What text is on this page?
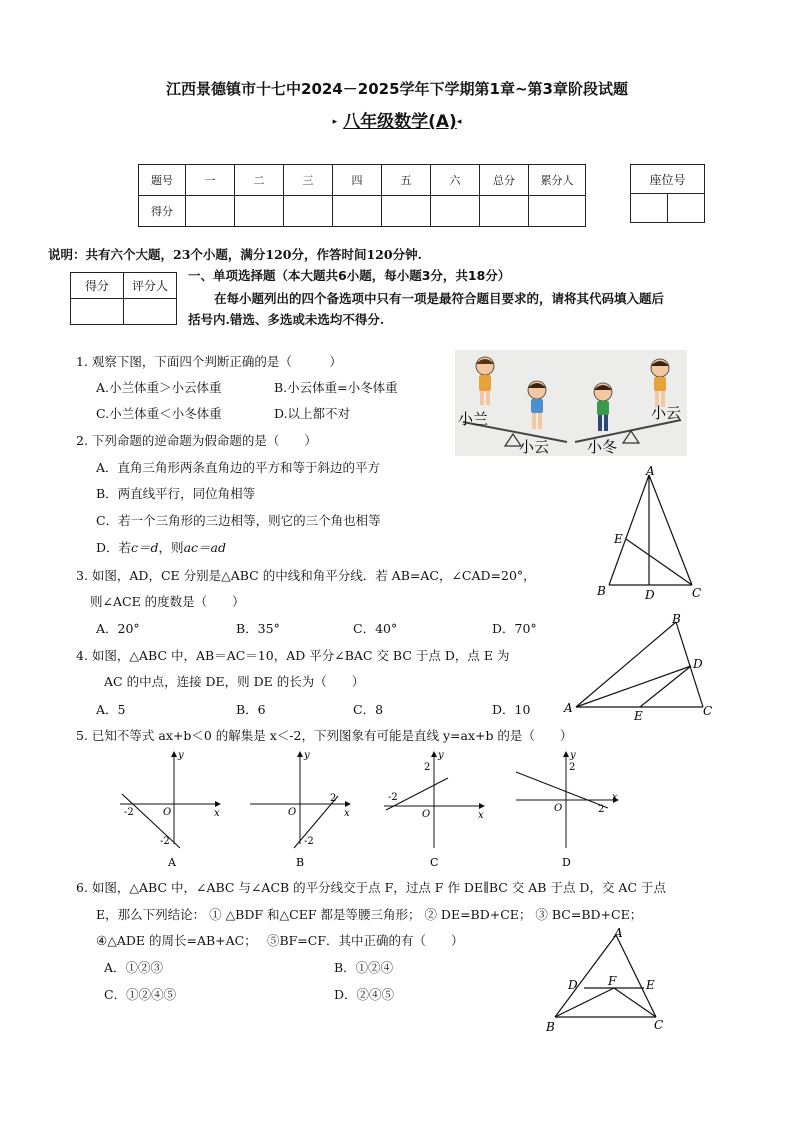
江西景德镇市十七中2024－2025学年下学期第1章~第3章阶段试题
▸ 八年级数学(A)◂
题号	一	二	三	四	五	六	总分	累分人
得分								
座位号

说明：共有六个大题，23个小题，满分120分，作答时间120分钟.
得分	评分人

一、单项选择题（本大题共6小题，每小题3分，共18分）
在每小题列出的四个备选项中只有一项是最符合题目要求的，请将其代码填入题后
括号内.错选、多选或未选均不得分.
1. 观察下图，下面四个判断正确的是（　　　）
A.小兰体重＞小云体重	B.小云体重=小冬体重
C.小兰体重＜小冬体重	D.以上都不对	小兰
小云	小冬
小云
2. 下列命题的逆命题为假命题的是（　　）
A．直角三角形两条直角边的平方和等于斜边的平方
B．两直线平行，同位角相等
C．若一个三角形的三边相等，则它的三个角也相等
D．若c＝d，则ac＝ad
A
B	C
D
E
3. 如图，AD，CE 分别是△ABC 的中线和角平分线．若 AB=AC，∠CAD=20°，
则∠ACE 的度数是（　　）
A．20°	B．35°	C．40°	D．70°
A
B
C
D
E
4. 如图，△ABC 中，AB＝AC＝10，AD 平分∠BAC 交 BC 于点 D，点 E 为
AC 的中点，连接 DE，则 DE 的长为（　　）
A．5	B．6	C．8	D．10
5. 已知不等式 ax+b＜0 的解集是 x＜-2，下列图象有可能是直线 y=ax+b 的是（　　）
y
x
O
-2
-2
A
y
x
O
2
-2
B
y
x
O
2
-2
C
y
x
O
2
2
D
6. 如图，△ABC 中，∠ABC 与∠ACB 的平分线交于点 F，过点 F 作 DE∥BC 交 AB 于点 D，交 AC 于点
E，那么下列结论： ① △BDF 和△CEF 都是等腰三角形； ② DE=BD+CE； ③ BC=BD+CE；
④△ADE 的周长=AB+AC；　 ⑤BF=CF．其中正确的有（　　）
A．①②③	B．①②④
C．①②④⑤	D．②④⑤
A
B	C
D	E
F
